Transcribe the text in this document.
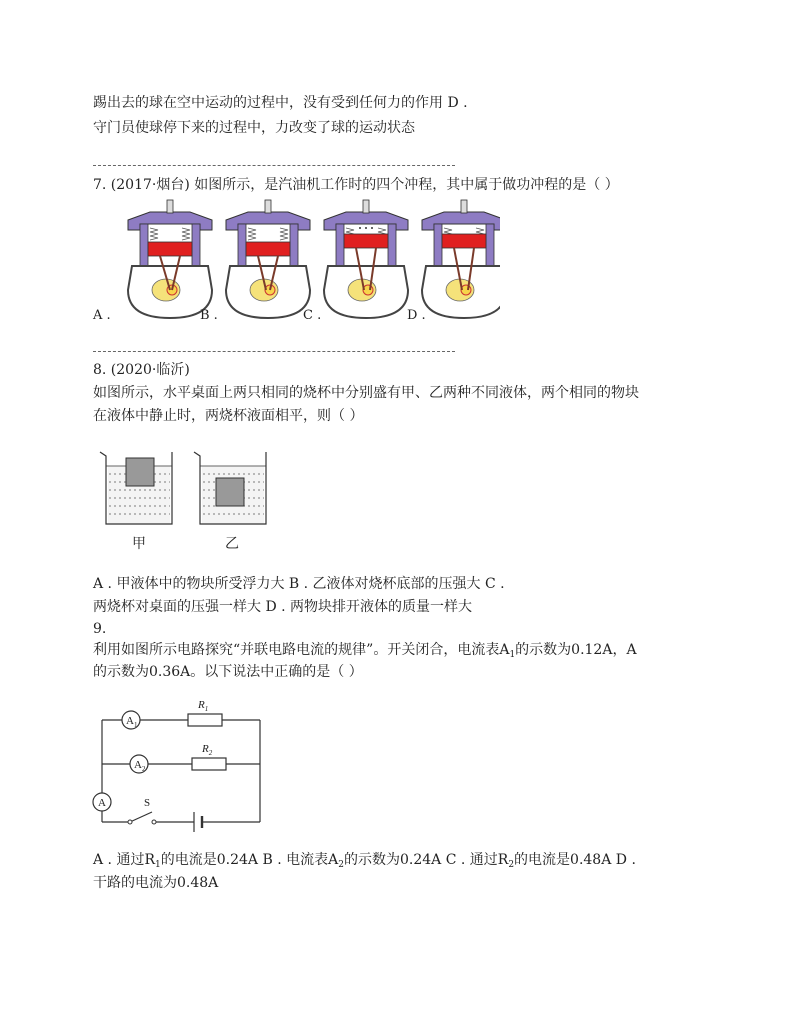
踢出去的球在空中运动的过程中，没有受到任何力的作用 D .
守门员使球停下来的过程中，力改变了球的运动状态
7. (2017·烟台) 如图所示，是汽油机工作时的四个冲程，其中属于做功冲程的是（ ）
A .	B .	C .	D .
8. (2020·临沂)
如图所示，水平桌面上两只相同的烧杯中分别盛有甲、乙两种不同液体，两个相同的物块
在液体中静止时，两烧杯液面相平，则（ ）
甲	乙
A . 甲液体中的物块所受浮力大 B . 乙液体对烧杯底部的压强大 C .
两烧杯对桌面的压强一样大 D . 两物块排开液体的质量一样大
9.
利用如图所示电路探究“并联电路电流的规律”。开关闭合，电流表$A_1$的示数为0.12A，A
的示数为0.36A。以下说法中正确的是（ ）
$A_1$
$A_2$
A
$R_1$
$R_2$
S
A . 通过$R_1$的电流是0.24A B . 电流表$A_2$的示数为0.24A C . 通过$R_2$的电流是0.48A D .
干路的电流为0.48A
